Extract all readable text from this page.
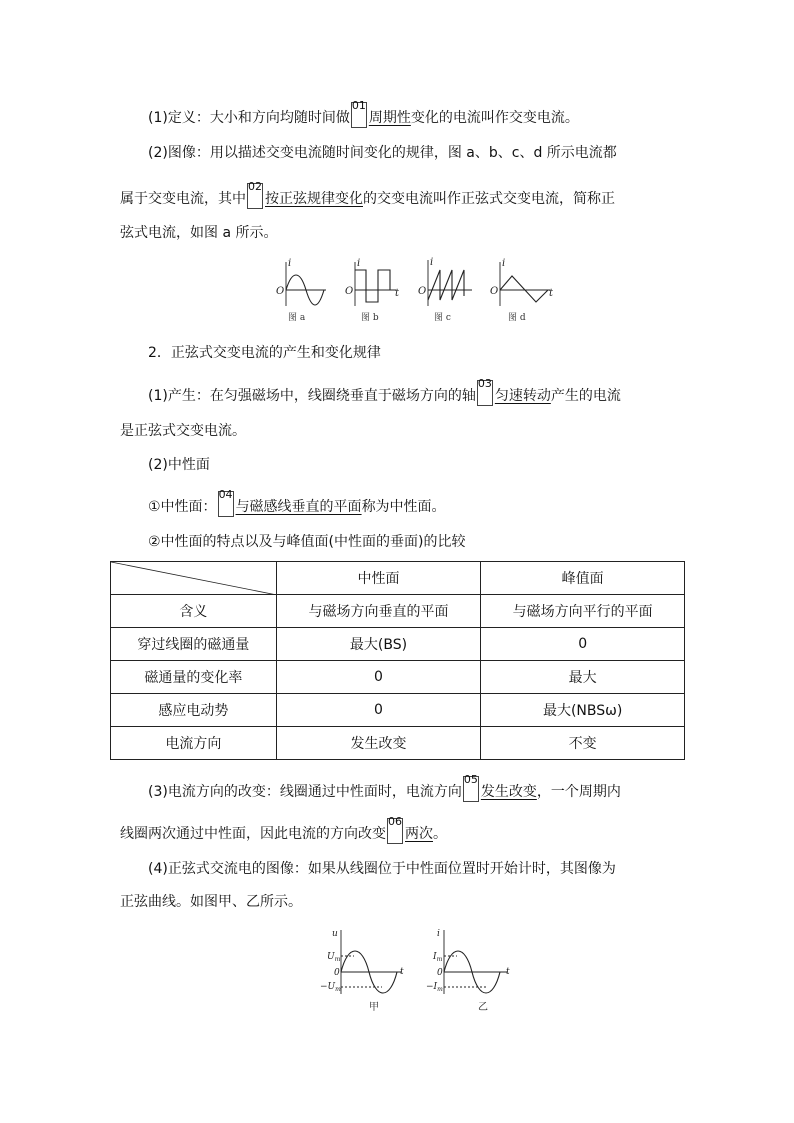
(1)定义：大小和方向均随时间做
01
周期性变化的电流叫作交变电流。
(2)图像：用以描述交变电流随时间变化的规律，图 a、b、c、d 所示电流都
属于交变电流，其中
02
按正弦规律变化的交变电流叫作正弦式交变电流，简称正
弦式电流，如图 a 所示。
i
O
i
O	t
i
O
i
O	t
图 a	图 b	图 c	图 d
2．正弦式交变电流的产生和变化规律
(1)产生：在匀强磁场中，线圈绕垂直于磁场方向的轴
03
匀速转动产生的电流
是正弦式交变电流。
(2)中性面
①中性面：
04
与磁感线垂直的平面称为中性面。
②中性面的特点以及与峰值面(中性面的垂面)的比较
	中性面	峰值面
含义	与磁场方向垂直的平面	与磁场方向平行的平面
穿过线圈的磁通量	最大(BS)	0
磁通量的变化率	0	最大
感应电动势	0	最大(NBSω)
电流方向	发生改变	不变
(3)电流方向的改变：线圈通过中性面时，电流方向
05
发生改变，一个周期内
线圈两次通过中性面，因此电流的方向改变
06
两次。
(4)正弦式交流电的图像：如果从线圈位于中性面位置时开始计时，其图像为
正弦曲线。如图甲、乙所示。
u
$U_m$
0
$-U_m$
t
i
$I_m$
0
$-I_m$
t
甲	乙
